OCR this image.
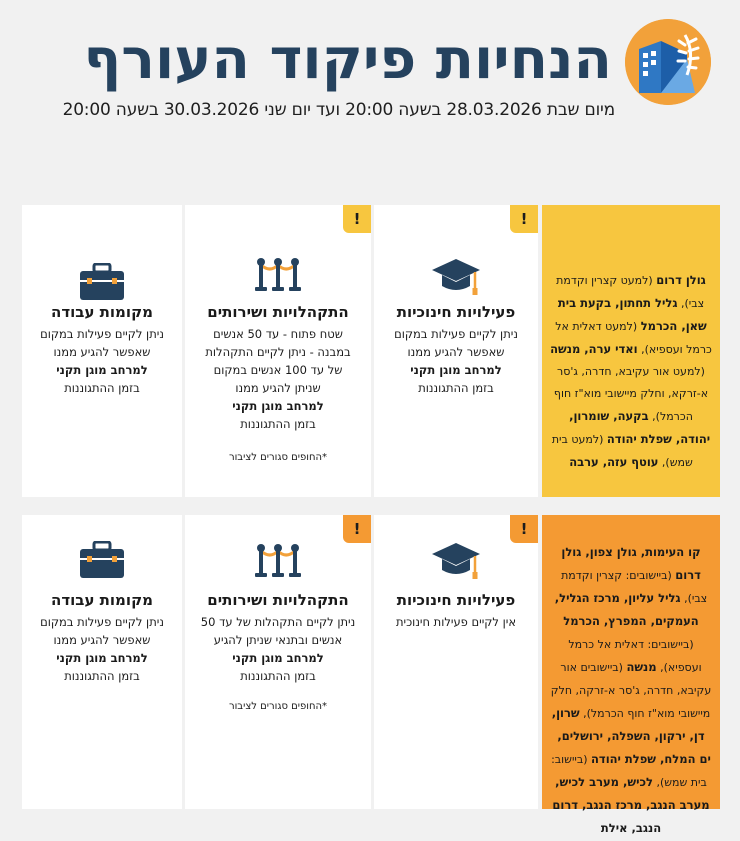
הנחיות פיקוד העורף
מיום שבת 28.03.2026 בשעה 20:00 ועד יום שני 30.03.2026 בשעה 20:00
מקומות עבודה
ניתן לקיים פעילות במקום שאפשר להגיע ממנו
למרחב מוגן תקני
בזמן ההתגוננות
!
התקהלויות ושירותים
שטח פתוח - עד 50 אנשים במבנה - ניתן לקיים התקהלות של עד 100 אנשים במקום שניתן להגיע ממנו
למרחב מוגן תקני
בזמן ההתגוננות
*החופים סגורים לציבור
!
פעילויות חינוכיות
ניתן לקיים פעילות במקום שאפשר להגיע ממנו
למרחב מוגן תקני
בזמן ההתגוננות
גולן דרום (למעט קצרין וקדמת צבי), גליל תחתון, בקעת בית שאן, הכרמל (למעט דאלית אל כרמל ועספיא), ואדי ערה, מנשה (למעט אור עקיבא, חדרה, ג'סר א-זרקא, וחלק מיישובי מוא"ז חוף הכרמל), בקעה, שומרון, יהודה, שפלת יהודה (למעט בית שמש), עוטף עזה, ערבה
מקומות עבודה
ניתן לקיים פעילות במקום שאפשר להגיע ממנו
למרחב מוגן תקני
בזמן ההתגוננות
!
התקהלויות ושירותים
ניתן לקיים התקהלות של עד 50 אנשים ובתנאי שניתן להגיע
למרחב מוגן תקני
בזמן ההתגוננות
*החופים סגורים לציבור
!
פעילויות חינוכיות
אין לקיים פעילות חינוכית
קו העימות, גולן צפון, גולן דרום (ביישובים: קצרין וקדמת צבי), גליל עליון, מרכז הגליל, העמקים, המפרץ, הכרמל (ביישובים: דאלית אל כרמל ועספיא), מנשה (ביישובים אור עקיבא, חדרה, ג'סר א-זרקה, חלק מיישובי מוא"ז חוף הכרמל), שרון, דן, ירקון, השפלה, ירושלים, ים המלח, שפלת יהודה (ביישוב: בית שמש), לכיש, מערב לכיש, מערב הנגב, מרכז הנגב, דרום הנגב, אילת
